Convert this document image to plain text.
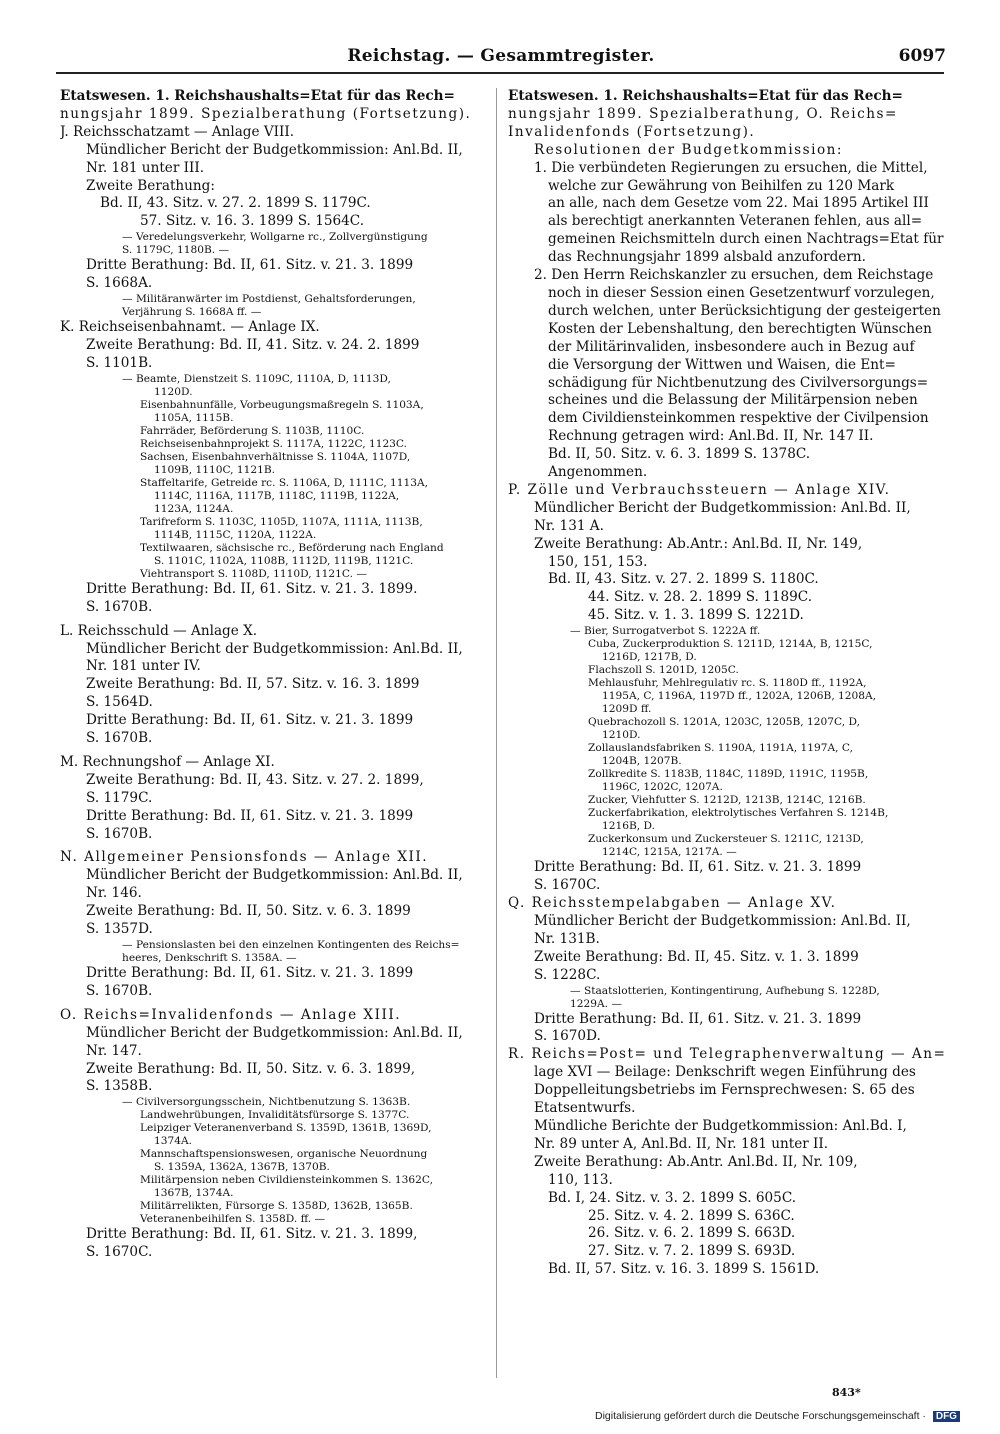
Reichstag. — Gesammtregister.	6097
Etatswesen. 1. Reichshaushalts=Etat für das Rech=
nungsjahr 1899. Spezialberathung (Fortsetzung).
J. Reichsschatzamt — Anlage VIII.
Mündlicher Bericht der Budgetkommission: Anl.Bd. II,
Nr. 181 unter III.
Zweite Berathung:
Bd. II, 43. Sitz. v. 27. 2. 1899 S. 1179C.
57. Sitz. v. 16. 3. 1899 S. 1564C.
— Veredelungsverkehr, Wollgarne rc., Zollvergünstigung
S. 1179C, 1180B. —
Dritte Berathung: Bd. II, 61. Sitz. v. 21. 3. 1899
S. 1668A.
— Militäranwärter im Postdienst, Gehaltsforderungen,
Verjährung S. 1668A ff. —
K. Reichseisenbahnamt. — Anlage IX.
Zweite Berathung: Bd. II, 41. Sitz. v. 24. 2. 1899
S. 1101B.
— Beamte, Dienstzeit S. 1109C, 1110A, D, 1113D,
1120D.
Eisenbahnunfälle, Vorbeugungsmaßregeln S. 1103A,
1105A, 1115B.
Fahrräder, Beförderung S. 1103B, 1110C.
Reichseisenbahnprojekt S. 1117A, 1122C, 1123C.
Sachsen, Eisenbahnverhältnisse S. 1104A, 1107D,
1109B, 1110C, 1121B.
Staffeltarife, Getreide rc. S. 1106A, D, 1111C, 1113A,
1114C, 1116A, 1117B, 1118C, 1119B, 1122A,
1123A, 1124A.
Tarifreform S. 1103C, 1105D, 1107A, 1111A, 1113B,
1114B, 1115C, 1120A, 1122A.
Textilwaaren, sächsische rc., Beförderung nach England
S. 1101C, 1102A, 1108B, 1112D, 1119B, 1121C.
Viehtransport S. 1108D, 1110D, 1121C. —
Dritte Berathung: Bd. II, 61. Sitz. v. 21. 3. 1899.
S. 1670B.
L. Reichsschuld — Anlage X.
Mündlicher Bericht der Budgetkommission: Anl.Bd. II,
Nr. 181 unter IV.
Zweite Berathung: Bd. II, 57. Sitz. v. 16. 3. 1899
S. 1564D.
Dritte Berathung: Bd. II, 61. Sitz. v. 21. 3. 1899
S. 1670B.
M. Rechnungshof — Anlage XI.
Zweite Berathung: Bd. II, 43. Sitz. v. 27. 2. 1899,
S. 1179C.
Dritte Berathung: Bd. II, 61. Sitz. v. 21. 3. 1899
S. 1670B.
N. Allgemeiner Pensionsfonds — Anlage XII.
Mündlicher Bericht der Budgetkommission: Anl.Bd. II,
Nr. 146.
Zweite Berathung: Bd. II, 50. Sitz. v. 6. 3. 1899
S. 1357D.
— Pensionslasten bei den einzelnen Kontingenten des Reichs=
heeres, Denkschrift S. 1358A. —
Dritte Berathung: Bd. II, 61. Sitz. v. 21. 3. 1899
S. 1670B.
O. Reichs=Invalidenfonds — Anlage XIII.
Mündlicher Bericht der Budgetkommission: Anl.Bd. II,
Nr. 147.
Zweite Berathung: Bd. II, 50. Sitz. v. 6. 3. 1899,
S. 1358B.
— Civilversorgungsschein, Nichtbenutzung S. 1363B.
Landwehrübungen, Invaliditätsfürsorge S. 1377C.
Leipziger Veteranenverband S. 1359D, 1361B, 1369D,
1374A.
Mannschaftspensionswesen, organische Neuordnung
S. 1359A, 1362A, 1367B, 1370B.
Militärpension neben Civildiensteinkommen S. 1362C,
1367B, 1374A.
Militärrelikten, Fürsorge S. 1358D, 1362B, 1365B.
Veteranenbeihilfen S. 1358D. ff. —
Dritte Berathung: Bd. II, 61. Sitz. v. 21. 3. 1899,
S. 1670C.
Etatswesen. 1. Reichshaushalts=Etat für das Rech=
nungsjahr 1899. Spezialberathung, O. Reichs=
Invalidenfonds (Fortsetzung).
Resolutionen der Budgetkommission:
1. Die verbündeten Regierungen zu ersuchen, die Mittel,
welche zur Gewährung von Beihilfen zu 120 Mark
an alle, nach dem Gesetze vom 22. Mai 1895 Artikel III
als berechtigt anerkannten Veteranen fehlen, aus all=
gemeinen Reichsmitteln durch einen Nachtrags=Etat für
das Rechnungsjahr 1899 alsbald anzufordern.
2. Den Herrn Reichskanzler zu ersuchen, dem Reichstage
noch in dieser Session einen Gesetzentwurf vorzulegen,
durch welchen, unter Berücksichtigung der gesteigerten
Kosten der Lebenshaltung, den berechtigten Wünschen
der Militärinvaliden, insbesondere auch in Bezug auf
die Versorgung der Wittwen und Waisen, die Ent=
schädigung für Nichtbenutzung des Civilversorgungs=
scheines und die Belassung der Militärpension neben
dem Civildiensteinkommen respektive der Civilpension
Rechnung getragen wird: Anl.Bd. II, Nr. 147 II.
Bd. II, 50. Sitz. v. 6. 3. 1899 S. 1378C.
Angenommen.
P. Zölle und Verbrauchssteuern — Anlage XIV.
Mündlicher Bericht der Budgetkommission: Anl.Bd. II,
Nr. 131 A.
Zweite Berathung: Ab.Antr.: Anl.Bd. II, Nr. 149,
150, 151, 153.
Bd. II, 43. Sitz. v. 27. 2. 1899 S. 1180C.
44. Sitz. v. 28. 2. 1899 S. 1189C.
45. Sitz. v. 1. 3. 1899 S. 1221D.
— Bier, Surrogatverbot S. 1222A ff.
Cuba, Zuckerproduktion S. 1211D, 1214A, B, 1215C,
1216D, 1217B, D.
Flachszoll S. 1201D, 1205C.
Mehlausfuhr, Mehlregulativ rc. S. 1180D ff., 1192A,
1195A, C, 1196A, 1197D ff., 1202A, 1206B, 1208A,
1209D ff.
Quebrachozoll S. 1201A, 1203C, 1205B, 1207C, D,
1210D.
Zollauslandsfabriken S. 1190A, 1191A, 1197A, C,
1204B, 1207B.
Zollkredite S. 1183B, 1184C, 1189D, 1191C, 1195B,
1196C, 1202C, 1207A.
Zucker, Viehfutter S. 1212D, 1213B, 1214C, 1216B.
Zuckerfabrikation, elektrolytisches Verfahren S. 1214B,
1216B, D.
Zuckerkonsum und Zuckersteuer S. 1211C, 1213D,
1214C, 1215A, 1217A. —
Dritte Berathung: Bd. II, 61. Sitz. v. 21. 3. 1899
S. 1670C.
Q. Reichsstempelabgaben — Anlage XV.
Mündlicher Bericht der Budgetkommission: Anl.Bd. II,
Nr. 131B.
Zweite Berathung: Bd. II, 45. Sitz. v. 1. 3. 1899
S. 1228C.
— Staatslotterien, Kontingentirung, Aufhebung S. 1228D,
1229A. —
Dritte Berathung: Bd. II, 61. Sitz. v. 21. 3. 1899
S. 1670D.
R. Reichs=Post= und Telegraphenverwaltung — An=
lage XVI — Beilage: Denkschrift wegen Einführung des
Doppelleitungsbetriebs im Fernsprechwesen: S. 65 des
Etatsentwurfs.
Mündliche Berichte der Budgetkommission: Anl.Bd. I,
Nr. 89 unter A, Anl.Bd. II, Nr. 181 unter II.
Zweite Berathung: Ab.Antr. Anl.Bd. II, Nr. 109,
110, 113.
Bd. I, 24. Sitz. v. 3. 2. 1899 S. 605C.
25. Sitz. v. 4. 2. 1899 S. 636C.
26. Sitz. v. 6. 2. 1899 S. 663D.
27. Sitz. v. 7. 2. 1899 S. 693D.
Bd. II, 57. Sitz. v. 16. 3. 1899 S. 1561D.
843*
Digitalisierung gefördert durch die Deutsche Forschungsgemeinschaft · DFG
